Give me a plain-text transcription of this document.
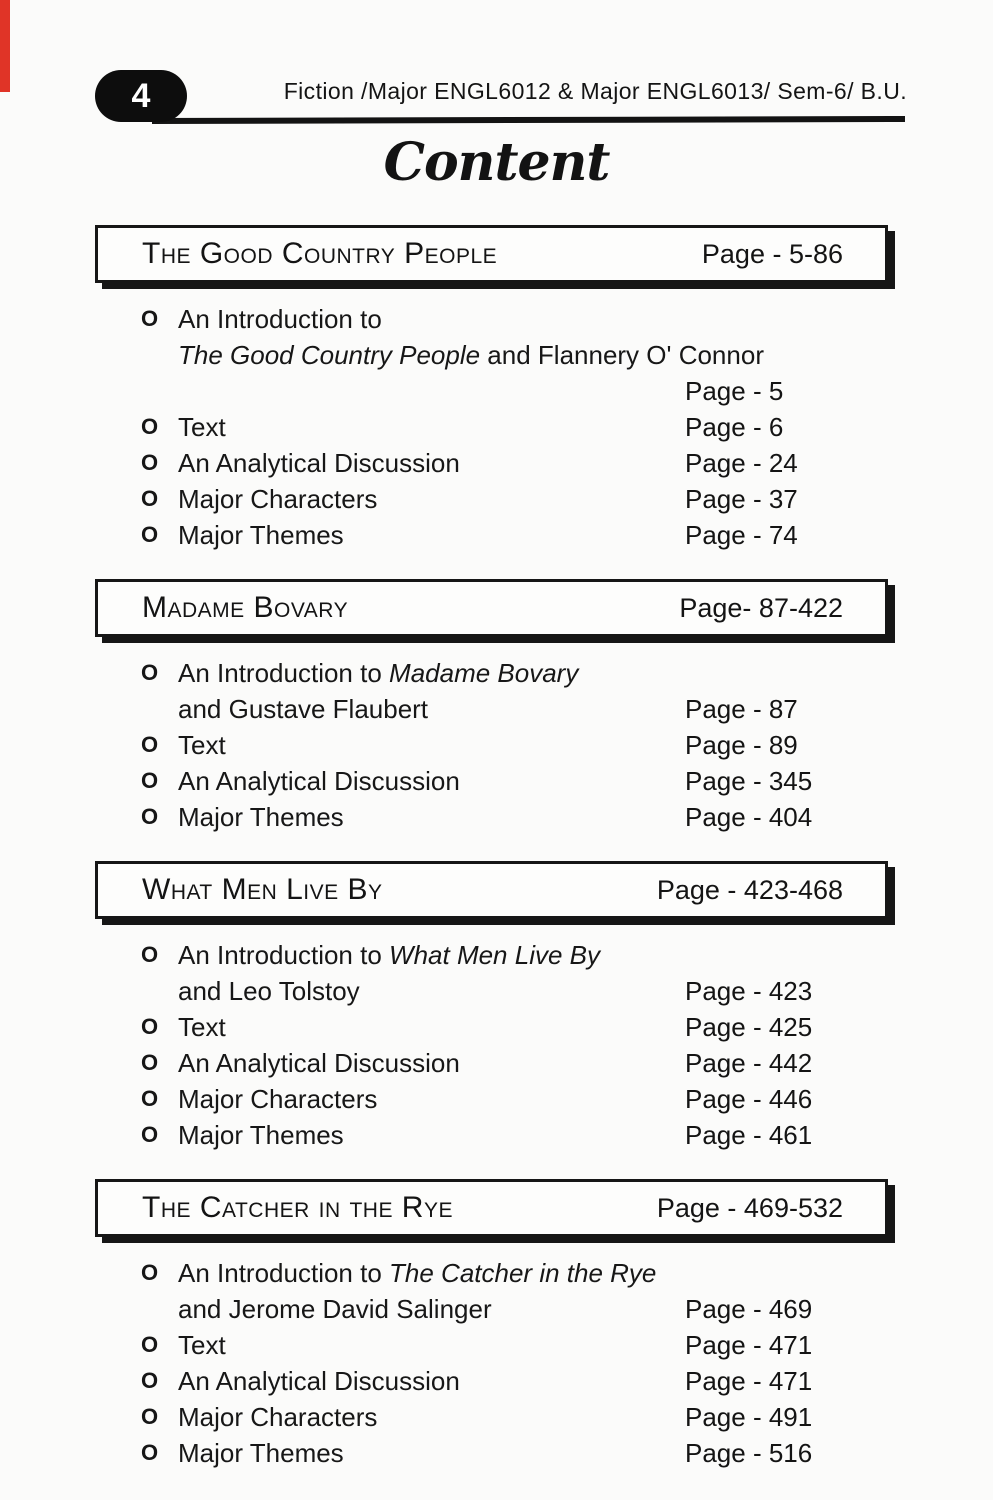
4	Fiction /Major ENGL6012 & Major ENGL6013/ Sem-6/ B.U.
Content
The Good Country People	Page - 5-86
O An Introduction to
The Good Country People and Flannery O' Connor
Page - 5
O Text	Page - 6
O An Analytical Discussion	Page - 24
O Major Characters	Page - 37
O Major Themes	Page - 74
Madame Bovary	Page- 87-422
O An Introduction to Madame Bovary
and Gustave Flaubert	Page - 87
O Text	Page - 89
O An Analytical Discussion	Page - 345
O Major Themes	Page - 404
What Men Live By	Page - 423-468
O An Introduction to What Men Live By
and Leo Tolstoy	Page - 423
O Text	Page - 425
O An Analytical Discussion	Page - 442
O Major Characters	Page - 446
O Major Themes	Page - 461
The Catcher in the Rye	Page - 469-532
O An Introduction to The Catcher in the Rye
and Jerome David Salinger	Page - 469
O Text	Page - 471
O An Analytical Discussion	Page - 471
O Major Characters	Page - 491
O Major Themes	Page - 516
